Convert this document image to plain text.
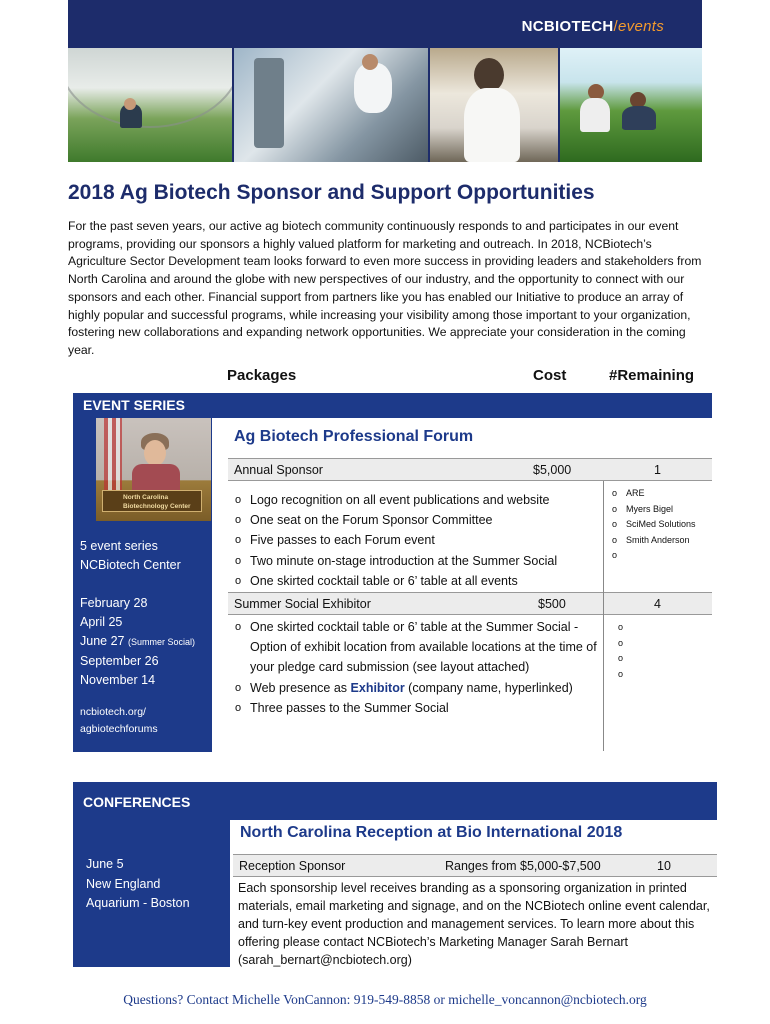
NCBIOTECH/events
2018 Ag Biotech Sponsor and Support Opportunities

For the past seven years, our active ag biotech community continuously responds to and participates in our event programs, providing our sponsors a highly valued platform for marketing and outreach. In 2018, NCBiotech’s Agriculture Sector Development team looks forward to even more success in providing leaders and stakeholders from North Carolina and around the globe with new perspectives of our industry, and the opportunity to connect with our sponsors and each other. Financial support from partners like you has enabled our Initiative to produce an array of highly popular and successful programs, while increasing your visibility among those important to your organization, fostering new collaborations and expanding network opportunities. We appreciate your consideration in the coming year.

Packages	Cost	#Remaining
EVENT SERIES
North Carolina
Biotechnology Center
5 event series
NCBiotech Center
February 28
April 25
June 27 (Summer Social)
September 26
November 14
ncbiotech.org/
agbiotechforums
Ag Biotech Professional Forum
Annual Sponsor	$5,000	1
o Logo recognition on all event publications and website
o One seat on the Forum Sponsor Committee
o Five passes to each Forum event
o Two minute on-stage introduction at the Summer Social
o One skirted cocktail table or 6’ table at all events
o ARE
o Myers Bigel
o SciMed Solutions
o Smith Anderson
o
Summer Social Exhibitor	$500	4
o One skirted cocktail table or 6’ table at the Summer Social - Option of exhibit location from available locations at the time of your pledge card submission (see layout attached)
o Web presence as Exhibitor (company name, hyperlinked)
o Three passes to the Summer Social
o
o
o
o
CONFERENCES
June 5
New England
Aquarium - Boston
North Carolina Reception at Bio International 2018
Reception Sponsor	Ranges from $5,000-$7,500	10

Each sponsorship level receives branding as a sponsoring organization in printed materials, email marketing and signage, and on the NCBiotech online event calendar, and turn-key event production and management services. To learn more about this offering please contact NCBiotech’s Marketing Manager Sarah Bernart (sarah_bernart@ncbiotech.org)

Questions? Contact Michelle VonCannon: 919-549-8858 or michelle_voncannon@ncbiotech.org
